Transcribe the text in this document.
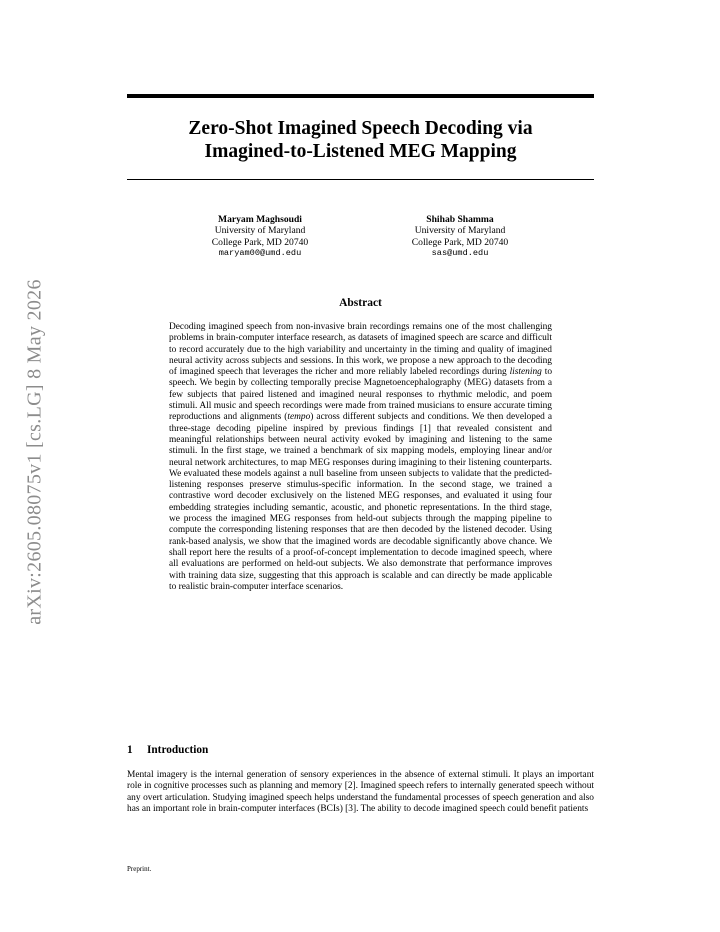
arXiv:2605.08075v1 [cs.LG] 8 May 2026
Zero-Shot Imagined Speech Decoding via
Imagined-to-Listened MEG Mapping
Maryam Maghsoudi
University of Maryland
College Park, MD 20740
maryam00@umd.edu
Shihab Shamma
University of Maryland
College Park, MD 20740
sas@umd.edu
Abstract
Decoding imagined speech from non-invasive brain recordings remains one of the most challenging problems in brain-computer interface research, as datasets of imagined speech are scarce and difficult to record accurately due to the high variability and uncertainty in the timing and quality of imagined neural activity across subjects and sessions. In this work, we propose a new approach to the decoding of imagined speech that leverages the richer and more reliably labeled recordings during listening to speech. We begin by collecting temporally precise Magnetoencephalography (MEG) datasets from a few subjects that paired listened and imagined neural responses to rhythmic melodic, and poem stimuli. All music and speech recordings were made from trained musicians to ensure accurate timing reproductions and alignments (tempo) across different subjects and conditions. We then developed a three-stage decoding pipeline inspired by previous findings [1] that revealed consistent and meaningful relationships between neural activity evoked by imagining and listening to the same stimuli. In the first stage, we trained a benchmark of six mapping models, employing linear and/or neural network architectures, to map MEG responses during imagining to their listening counterparts. We evaluated these models against a null baseline from unseen subjects to validate that the predicted-listening responses preserve stimulus-specific information. In the second stage, we trained a contrastive word decoder exclusively on the listened MEG responses, and evaluated it using four embedding strategies including semantic, acoustic, and phonetic representations. In the third stage, we process the imagined MEG responses from held-out subjects through the mapping pipeline to compute the corresponding listening responses that are then decoded by the listened decoder. Using rank-based analysis, we show that the imagined words are decodable significantly above chance. We shall report here the results of a proof-of-concept implementation to decode imagined speech, where all evaluations are performed on held-out subjects. We also demonstrate that performance improves with training data size, suggesting that this approach is scalable and can directly be made applicable to realistic brain-computer interface scenarios.
1 Introduction
Mental imagery is the internal generation of sensory experiences in the absence of external stimuli. It plays an important role in cognitive processes such as planning and memory [2]. Imagined speech refers to internally generated speech without any overt articulation. Studying imagined speech helps understand the fundamental processes of speech generation and also has an important role in brain-computer interfaces (BCIs) [3]. The ability to decode imagined speech could benefit patients
Preprint.
